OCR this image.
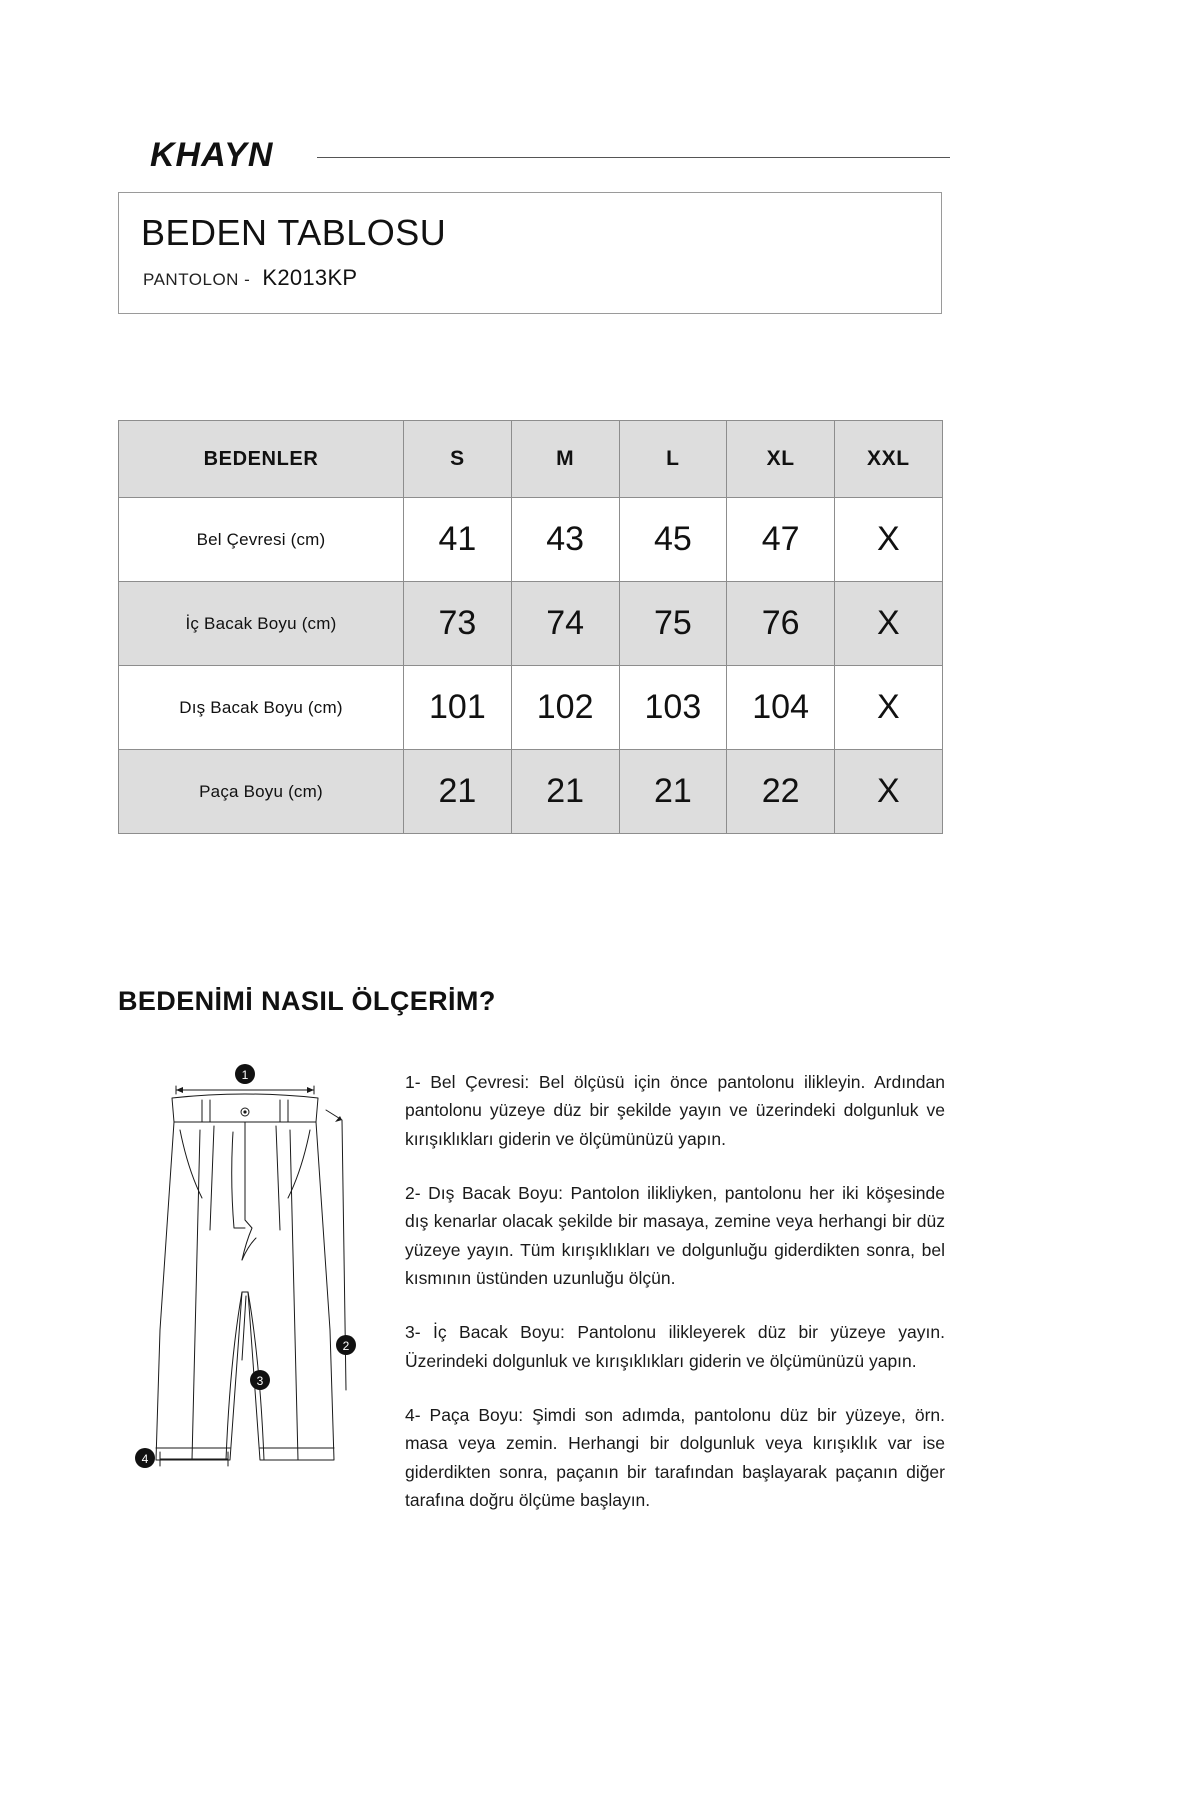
KHAYN
BEDEN TABLOSU
PANTOLON - K2013KP
BEDENLER	S	M	L	XL	XXL
Bel Çevresi (cm)	41	43	45	47	X
İç Bacak Boyu (cm)	73	74	75	76	X
Dış Bacak Boyu (cm)	101	102	103	104	X
Paça Boyu (cm)	21	21	21	22	X
BEDENİMİ NASIL ÖLÇERİM?
1
2
3
4

1- Bel Çevresi: Bel ölçüsü için önce pantolonu ilikleyin. Ardından pantolonu yüzeye düz bir şekilde yayın ve üzerindeki dolgunluk ve kırışıklıkları giderin ve ölçümünüzü yapın.

2- Dış Bacak Boyu: Pantolon ilikliyken, pantolonu her iki köşesinde dış kenarlar olacak şekilde bir masaya, zemine veya herhangi bir düz yüzeye yayın. Tüm kırışıklıkları ve dolgunluğu giderdikten sonra, bel kısmının üstünden uzunluğu ölçün.

3- İç Bacak Boyu: Pantolonu ilikleyerek düz bir yüzeye yayın. Üzerindeki dolgunluk ve kırışıklıkları giderin ve ölçümünüzü yapın.

4- Paça Boyu: Şimdi son adımda, pantolonu düz bir yüzeye, örn. masa veya zemin. Herhangi bir dolgunluk veya kırışıklık var ise giderdikten sonra, paçanın bir tarafından başlayarak paçanın diğer tarafına doğru ölçüme başlayın.
